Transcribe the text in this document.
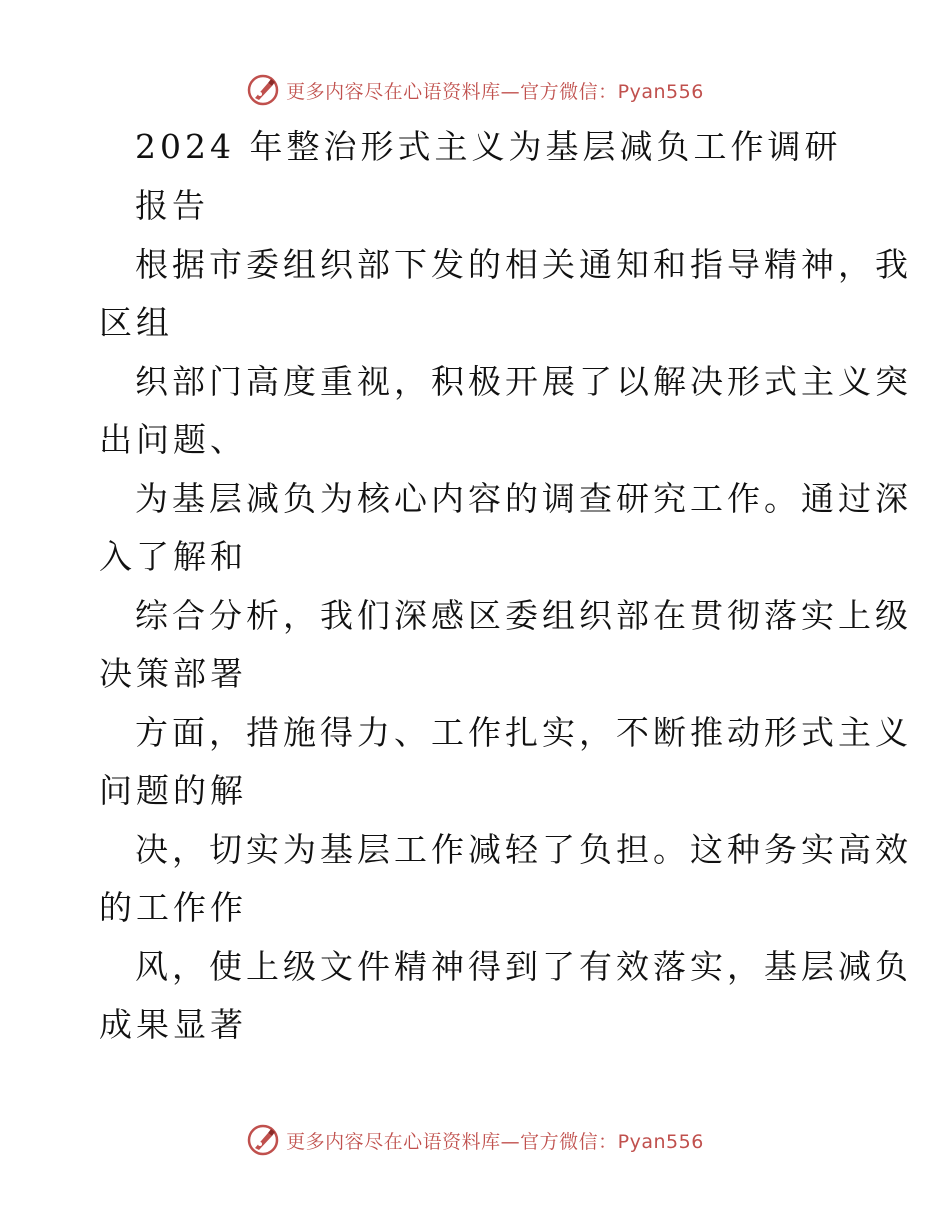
更多内容尽在心语资料库—官方微信：Pyan556
2024 年整治形式主义为基层减负工作调研
报告
根据市委组织部下发的相关通知和指导精神，我
区组
织部门高度重视，积极开展了以解决形式主义突
出问题、
为基层减负为核心内容的调查研究工作。通过深
入了解和
综合分析，我们深感区委组织部在贯彻落实上级
决策部署
方面，措施得力、工作扎实，不断推动形式主义
问题的解
决，切实为基层工作减轻了负担。这种务实高效
的工作作
风，使上级文件精神得到了有效落实，基层减负
成果显著
更多内容尽在心语资料库—官方微信：Pyan556
